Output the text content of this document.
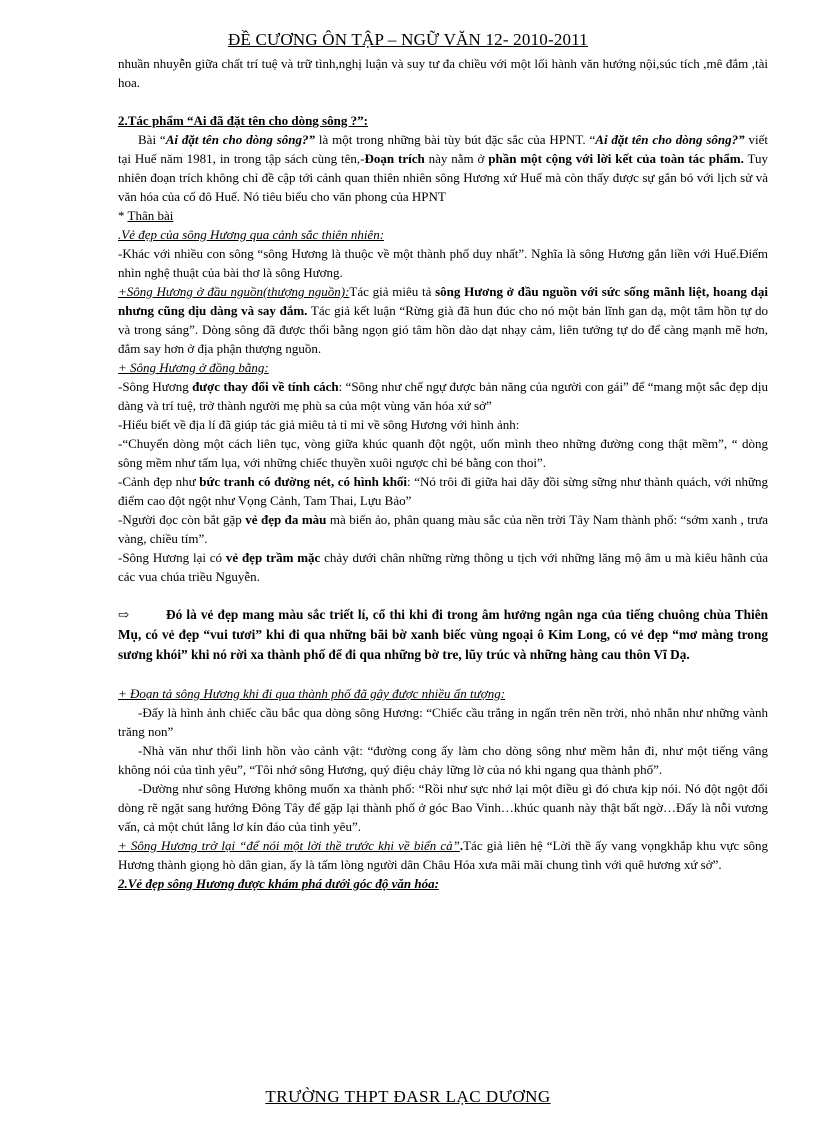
ĐỀ CƯƠNG ÔN TẬP – NGỮ VĂN 12- 2010-2011

nhuần nhuyễn giữa chất trí tuệ và trữ tình,nghị luận và suy tư đa chiều với một lối hành văn hướng nội,súc tích ,mê đắm ,tài hoa.

2.Tác phẩm “Ai đã đặt tên cho dòng sông ?”:

Bài “Ai đặt tên cho dòng sông?” là một trong những bài tùy bút đặc sắc của HPNT. “Ai đặt tên cho dòng sông?” viết tại Huế năm 1981, in trong tập sách cùng tên,-Đoạn trích này nằm ở phần một cộng với lời kết của toàn tác phẩm. Tuy nhiên đoạn trích không chỉ đề cập tới cảnh quan thiên nhiên sông Hương xứ Huế mà còn thấy được sự gắn bó với lịch sử và văn hóa của cố đô Huế. Nó tiêu biểu cho văn phong của HPNT

* Thân bài

.Vẻ đẹp của sông Hương qua cảnh sắc thiên nhiên:

-Khác với nhiều con sông “sông Hương là thuộc về một thành phố duy nhất”. Nghĩa là sông Hương gắn liền với Huế.Điểm nhìn nghệ thuật của bài thơ là sông Hương.

+Sông Hương ở đầu nguồn(thượng nguồn):Tác giả miêu tả sông Hương ở đầu nguồn với sức sống mãnh liệt, hoang dại nhưng cũng dịu dàng và say đắm. Tác giả kết luận “Rừng già đã hun đúc cho nó một bản lĩnh gan dạ, một tâm hồn tự do và trong sáng”. Dòng sông đã được thổi bằng ngọn gió tâm hồn dào dạt nhạy cảm, liên tưởng tự do để càng mạnh mẽ hơn, đắm say hơn ở địa phận thượng nguồn.

+ Sông Hương ở đồng bằng:

-Sông Hương được thay đổi về tính cách: “Sông như chế ngự được bản năng của người con gái” để “mang một sắc đẹp dịu dàng và trí tuệ, trở thành người mẹ phù sa của một vùng văn hóa xứ sở”

-Hiểu biết về địa lí đã giúp tác giả miêu tả tỉ mỉ về sông Hương với hình ảnh:

-“Chuyển dòng một cách liên tục, vòng giữa khúc quanh đột ngột, uốn mình theo những đường cong thật mềm”, “ dòng sông mềm như tấm lụa, với những chiếc thuyền xuôi ngược chỉ bé bằng con thoi”.

-Cảnh đẹp như bức tranh có đường nét, có hình khối: “Nó trôi đi giữa hai dãy đồi sừng sững như thành quách, với những điểm cao đột ngột như Vọng Cảnh, Tam Thai, Lựu Bảo”

-Người đọc còn bắt gặp vẻ đẹp đa màu mà biến ảo, phân quang màu sắc của nền trời Tây Nam thành phố: “sớm xanh , trưa vàng, chiều tím”.

-Sông Hương lại có vẻ đẹp trầm mặc chảy dưới chân những rừng thông u tịch với những lăng mộ âm u mà kiêu hãnh của các vua chúa triều Nguyễn.

⇨	Đó là vẻ đẹp mang màu sắc triết lí, cổ thi khi đi trong âm hưởng ngân nga của tiếng chuông chùa Thiên Mụ, có vẻ đẹp “vui tươi” khi đi qua những bãi bờ xanh biếc vùng ngoại ô Kim Long, có vẻ đẹp “mơ màng trong sương khói” khi nó rời xa thành phố để đi qua những bờ tre, lũy trúc và những hàng cau thôn Vĩ Dạ.

+ Đoạn tả sông Hương khi đi qua thành phố đã gây được nhiều ấn tượng:

-Đấy là hình ảnh chiếc cầu bắc qua dòng sông Hương: “Chiếc cầu trắng in ngấn trên nền trời, nhỏ nhắn như những vành trăng non”

-Nhà văn như thổi linh hồn vào cảnh vật: “đường cong ấy làm cho dòng sông như mềm hẳn đi, như một tiếng vâng không nói của tình yêu”, “Tôi nhớ sông Hương, quý điệu chảy lững lờ của nó khi ngang qua thành phố”.

-Dường như sông Hương không muốn xa thành phố: “Rồi như sực nhớ lại một điều gì đó chưa kịp nói. Nó đột ngột đổi dòng rẽ ngặt sang hướng Đông Tây để gặp lại thành phố ở góc Bao Vinh…khúc quanh này thật bất ngờ…Đấy là nỗi vương vấn, cả một chút lẳng lơ kín đáo của tình yêu”.

+ Sông Hương trở lại “để nói một lời thề trước khi về biển cả”.Tác giả liên hệ “Lời thề ấy vang vọngkhắp khu vực sông Hương thành giọng hò dân gian, ấy là tấm lòng người dân Châu Hóa xưa mãi mãi chung tình với quê hương xứ sở”.

2.Vẻ đẹp sông Hương được khám phá dưới góc độ văn hóa:

TRƯỜNG THPT ĐASR LẠC DƯƠNG
